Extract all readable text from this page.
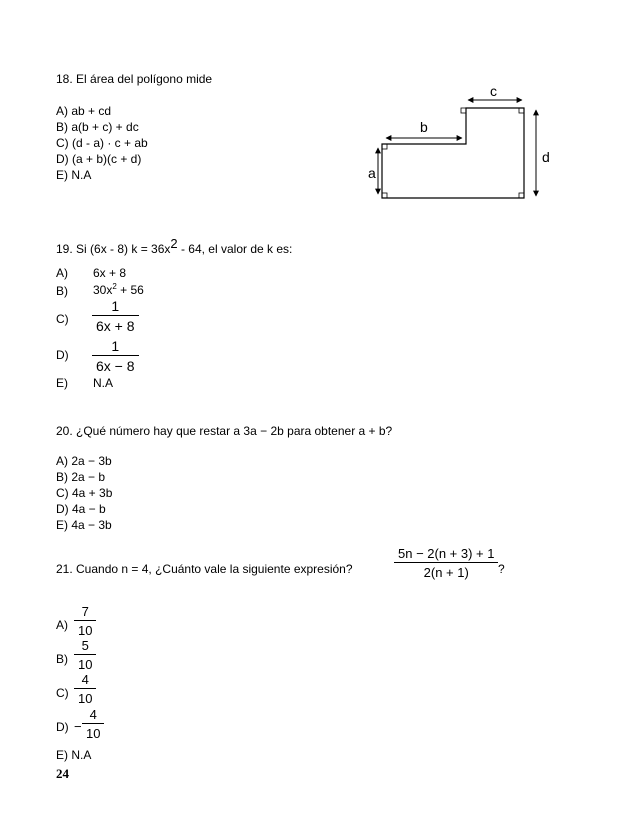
18. El área del polígono mide
A) ab + cd
B) a(b + c) + dc
C) (d - a) · c + ab
D) (a + b)(c + d)
E) N.A	a
b
c
d
19. Si (6x - 8) $k = 36x^2 - 64$, el valor de k es:
A) 6x + 8
B) $30x^2 + 56$
$C) \frac{1}{6x + 8}$
$D) \frac{1}{6x - 8}$
E) N.A
20. ¿Qué número hay que restar a 3a − 2b para obtener a + b?
A) 2a − 3b
B) 2a − b
C) 4a + 3b
D) 4a − b
E) 4a − 3b
21. Cuando n = 4, ¿Cuánto vale la siguiente expresión?	$\frac{5n - 2(n + 3) + 1}{2(n + 1)}$ ?
$A) \frac{7}{10}$
$B) \frac{5}{10}$
$C) \frac{4}{10}$
$D) - \frac{4}{10}$
E) N.A
24
